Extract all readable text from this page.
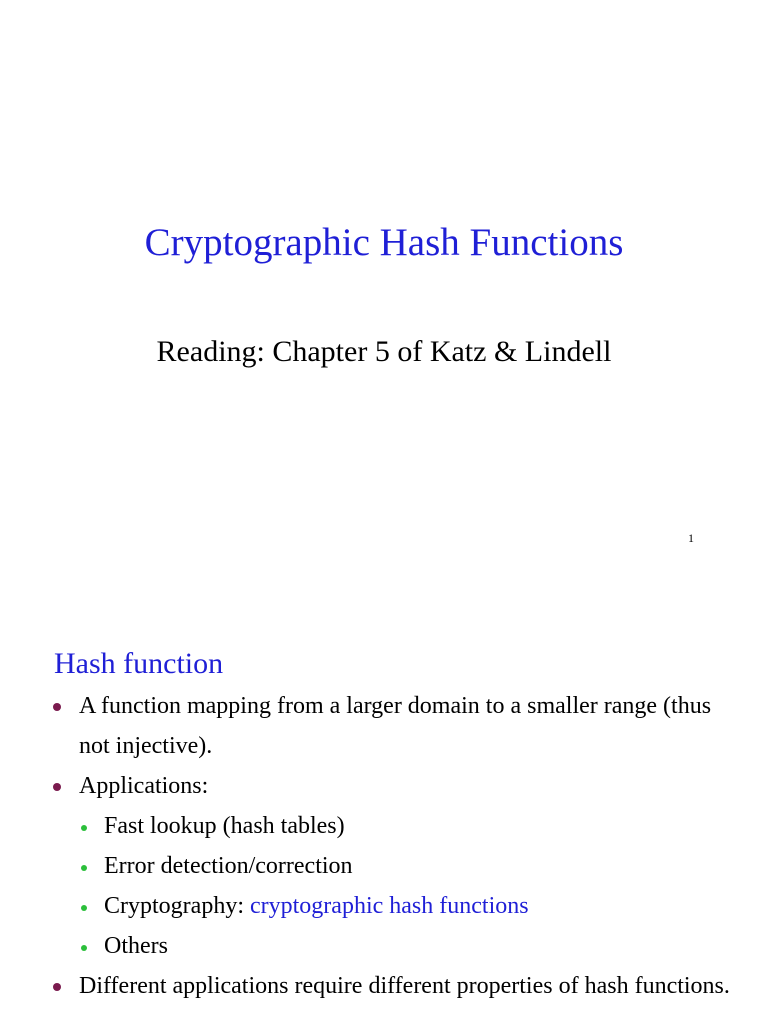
Cryptographic Hash Functions
Reading: Chapter 5 of Katz & Lindell
1
Hash function
A function mapping from a larger domain to a smaller range (thus not injective).
Applications:
Fast lookup (hash tables)
Error detection/correction
Cryptography: cryptographic hash functions
Others
Different applications require different properties of hash functions.
